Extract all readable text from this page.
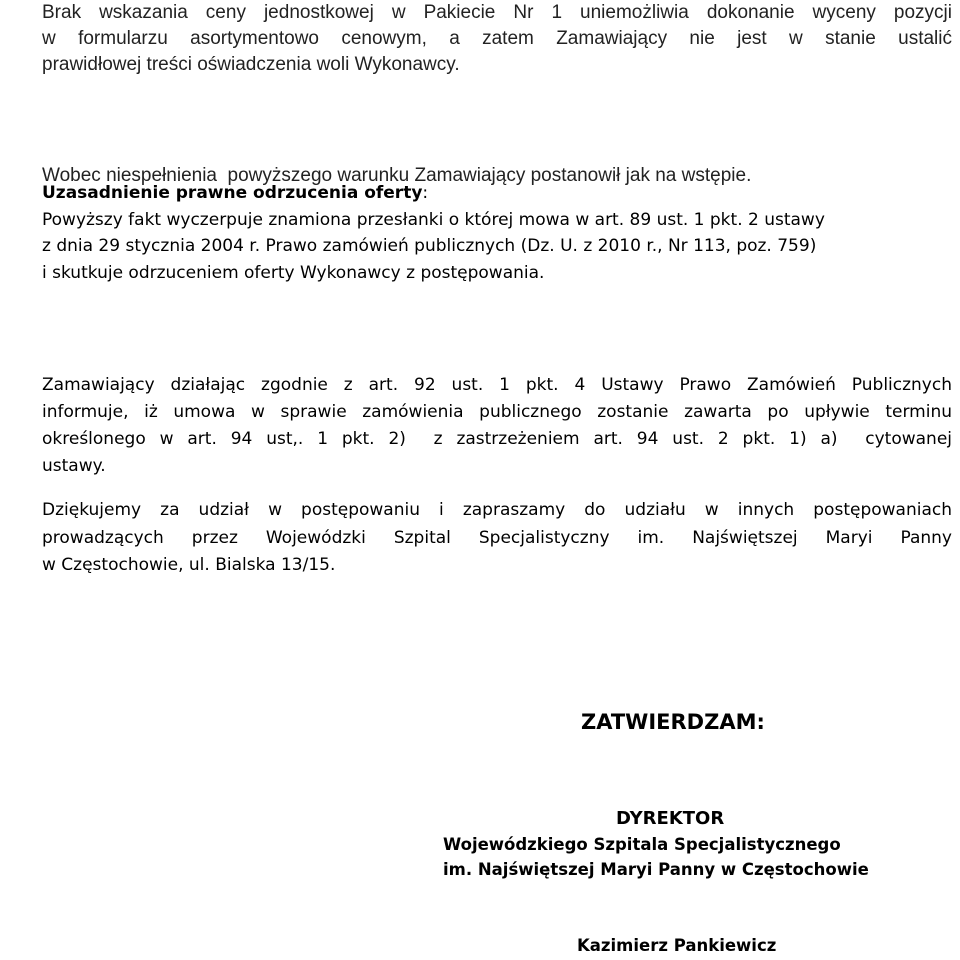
Brak wskazania ceny jednostkowej w Pakiecie Nr 1 uniemożliwia dokonanie wyceny pozycji
w formularzu asortymentowo cenowym, a zatem Zamawiający nie jest w stanie ustalić
prawidłowej treści oświadczenia woli Wykonawcy.

Wobec niespełnienia  powyższego warunku Zamawiający postanowił jak na wstępie.

Uzasadnienie prawne odrzucenia oferty:
Powyższy fakt wyczerpuje znamiona przesłanki o której mowa w art. 89 ust. 1 pkt. 2 ustawy
z dnia 29 stycznia 2004 r. Prawo zamówień publicznych (Dz. U. z 2010 r., Nr 113, poz. 759)
i skutkuje odrzuceniem oferty Wykonawcy z postępowania.
Zamawiający działając zgodnie z art. 92 ust. 1 pkt. 4 Ustawy Prawo Zamówień Publicznych
informuje, iż umowa w sprawie zamówienia publicznego zostanie zawarta po upływie terminu
określonego w art. 94 ust,. 1 pkt. 2)  z zastrzeżeniem art. 94 ust. 2 pkt. 1) a)  cytowanej
ustawy.
Dziękujemy za udział w postępowaniu i zapraszamy do udziału w innych postępowaniach
prowadzących przez Wojewódzki Szpital Specjalistyczny im. Najświętszej Maryi Panny
w Częstochowie, ul. Bialska 13/15.
ZATWIERDZAM:
DYREKTOR
Wojewódzkiego Szpitala Specjalistycznego
im. Najświętszej Maryi Panny w Częstochowie
Kazimierz Pankiewicz
